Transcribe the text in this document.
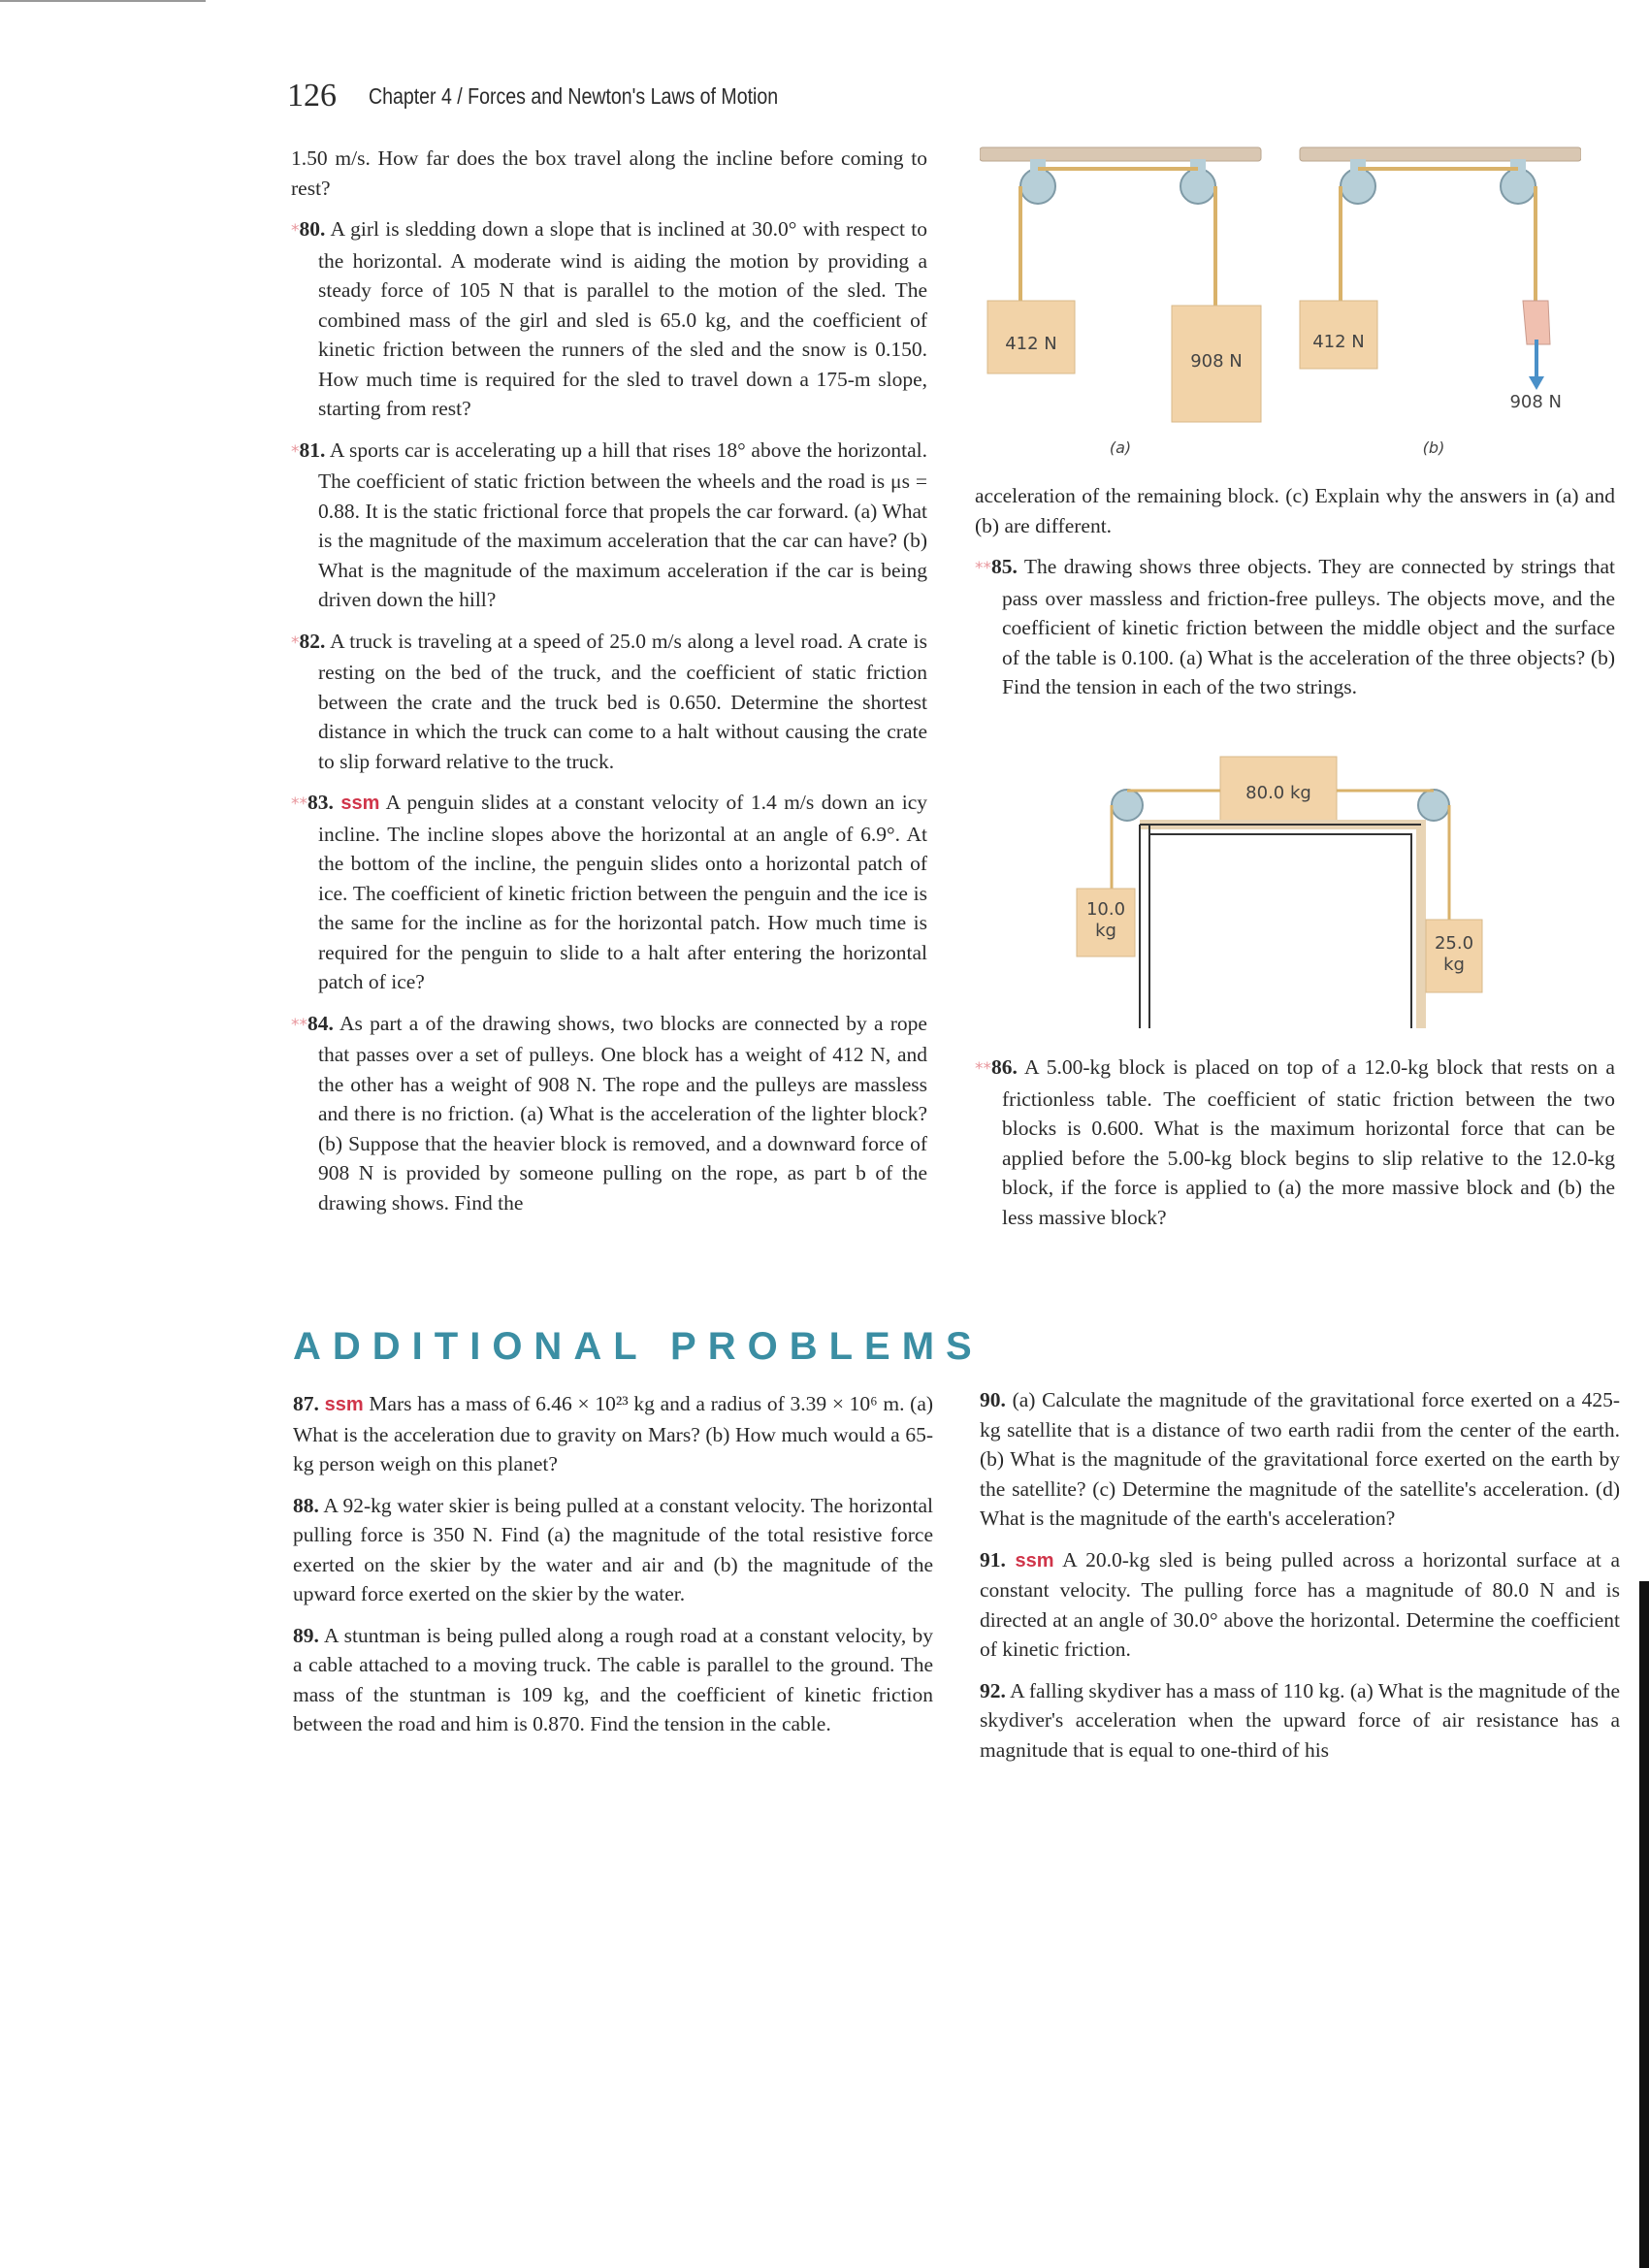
126 Chapter 4 / Forces and Newton's Laws of Motion

1.50 m/s. How far does the box travel along the incline before coming to rest?

*80. A girl is sledding down a slope that is inclined at 30.0° with respect to the horizontal. A moderate wind is aiding the motion by providing a steady force of 105 N that is parallel to the motion of the sled. The combined mass of the girl and sled is 65.0 kg, and the coefficient of kinetic friction between the runners of the sled and the snow is 0.150. How much time is required for the sled to travel down a 175-m slope, starting from rest?

*81. A sports car is accelerating up a hill that rises 18° above the horizontal. The coefficient of static friction between the wheels and the road is μs = 0.88. It is the static frictional force that propels the car forward. (a) What is the magnitude of the maximum acceleration that the car can have? (b) What is the magnitude of the maximum acceleration if the car is being driven down the hill?

*82. A truck is traveling at a speed of 25.0 m/s along a level road. A crate is resting on the bed of the truck, and the coefficient of static friction between the crate and the truck bed is 0.650. Determine the shortest distance in which the truck can come to a halt without causing the crate to slip forward relative to the truck.

**83. ssm A penguin slides at a constant velocity of 1.4 m/s down an icy incline. The incline slopes above the horizontal at an angle of 6.9°. At the bottom of the incline, the penguin slides onto a horizontal patch of ice. The coefficient of kinetic friction between the penguin and the ice is the same for the incline as for the horizontal patch. How much time is required for the penguin to slide to a halt after entering the horizontal patch of ice?

**84. As part a of the drawing shows, two blocks are connected by a rope that passes over a set of pulleys. One block has a weight of 412 N, and the other has a weight of 908 N. The rope and the pulleys are massless and there is no friction. (a) What is the acceleration of the lighter block? (b) Suppose that the heavier block is removed, and a downward force of 908 N is provided by someone pulling on the rope, as part b of the drawing shows. Find the

412 N
908 N
(a)
412 N
908 N
(b)

acceleration of the remaining block. (c) Explain why the answers in (a) and (b) are different.

**85. The drawing shows three objects. They are connected by strings that pass over massless and friction-free pulleys. The objects move, and the coefficient of kinetic friction between the middle object and the surface of the table is 0.100. (a) What is the acceleration of the three objects? (b) Find the tension in each of the two strings.

80.0 kg
10.0
kg
25.0
kg

**86. A 5.00-kg block is placed on top of a 12.0-kg block that rests on a frictionless table. The coefficient of static friction between the two blocks is 0.600. What is the maximum horizontal force that can be applied before the 5.00-kg block begins to slip relative to the 12.0-kg block, if the force is applied to (a) the more massive block and (b) the less massive block?

ADDITIONAL PROBLEMS

87. ssm Mars has a mass of 6.46 × 10²³ kg and a radius of 3.39 × 10⁶ m. (a) What is the acceleration due to gravity on Mars? (b) How much would a 65-kg person weigh on this planet?

88. A 92-kg water skier is being pulled at a constant velocity. The horizontal pulling force is 350 N. Find (a) the magnitude of the total resistive force exerted on the skier by the water and air and (b) the magnitude of the upward force exerted on the skier by the water.

89. A stuntman is being pulled along a rough road at a constant velocity, by a cable attached to a moving truck. The cable is parallel to the ground. The mass of the stuntman is 109 kg, and the coefficient of kinetic friction between the road and him is 0.870. Find the tension in the cable.

90. (a) Calculate the magnitude of the gravitational force exerted on a 425-kg satellite that is a distance of two earth radii from the center of the earth. (b) What is the magnitude of the gravitational force exerted on the earth by the satellite? (c) Determine the magnitude of the satellite's acceleration. (d) What is the magnitude of the earth's acceleration?

91. ssm A 20.0-kg sled is being pulled across a horizontal surface at a constant velocity. The pulling force has a magnitude of 80.0 N and is directed at an angle of 30.0° above the horizontal. Determine the coefficient of kinetic friction.

92. A falling skydiver has a mass of 110 kg. (a) What is the magnitude of the skydiver's acceleration when the upward force of air resistance has a magnitude that is equal to one-third of his
